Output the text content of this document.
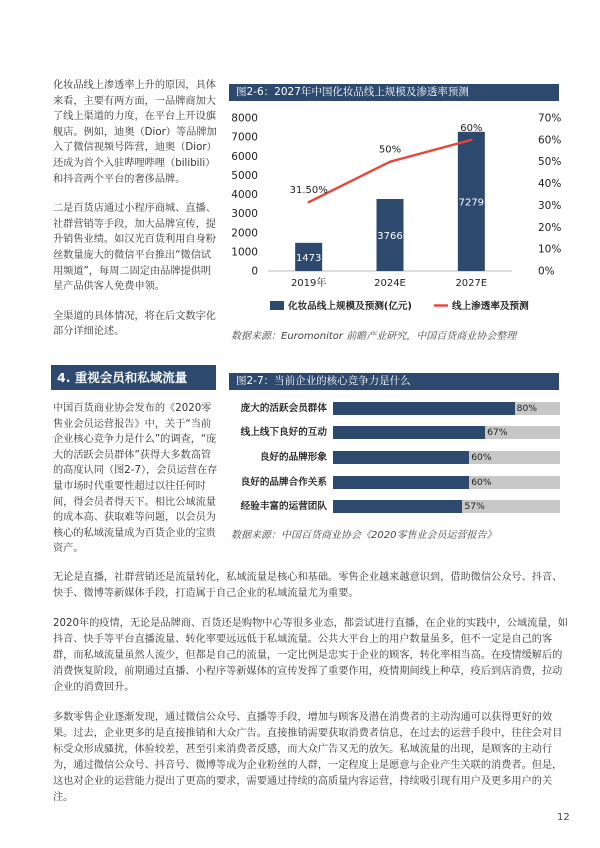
化妆品线上渗透率上升的原因，具体来看，主要有两方面，一品牌商加大了线上渠道的力度，在平台上开设旗舰店。例如，迪奥（Dior）等品牌加入了微信视频号阵营，迪奥（Dior）还成为首个入驻哔哩哔哩（bilibili）和抖音两个平台的奢侈品牌。

二是百货店通过小程序商城、直播、社群营销等手段，加大品牌宣传，提升销售业绩。如汉光百货利用自身粉丝数量庞大的微信平台推出“微信试用频道”，每周二固定由品牌提供明星产品供客人免费申领。

全渠道的具体情况，将在后文数字化部分详细论述。

图2-6：2027年中国化妆品线上规模及渗透率预测
8000
7000
6000
5000
4000
3000
2000
1000
0
70%
60%
50%
40%
30%
20%
10%
0%
1473
2019年
3766
2024E
7279
2027E
31.50%
50%
60%
化妆品线上规模及预测(亿元)	线上渗透率及预测
数据来源：Euromonitor 前瞻产业研究，中国百货商业协会整理
4. 重视会员和私域流量
中国百货商业协会发布的《2020零售业会员运营报告》中，关于“当前企业核心竞争力是什么”的调查，“庞大的活跃会员群体”获得大多数高管的高度认同（图2-7），会员运营在存量市场时代重要性超过以往任何时间，得会员者得天下。相比公域流量的成本高、获取难等问题，以会员为核心的私域流量成为百货企业的宝贵资产。
图2-7：当前企业的核心竞争力是什么
庞大的活跃会员群体	80%
线上线下良好的互动	67%
良好的品牌形象	60%
良好的品牌合作关系	60%
经验丰富的运营团队	57%
数据来源：中国百货商业协会《2020零售业会员运营报告》

无论是直播，社群营销还是流量转化，私域流量是核心和基础。零售企业越来越意识到，借助微信公众号、抖音、快手、微博等新媒体手段，打造属于自己企业的私域流量尤为重要。

2020年的疫情，无论是品牌商、百货还是购物中心等很多业态，都尝试进行直播，在企业的实践中，公域流量，如抖音、快手等平台直播流量、转化率要远远低于私域流量。公共大平台上的用户数量虽多，但不一定是自己的客群，而私域流量虽然人流少，但都是自己的流量，一定比例是忠实于企业的顾客，转化率相当高。在疫情缓解后的消费恢复阶段，前期通过直播、小程序等新媒体的宣传发挥了重要作用，疫情期间线上种草，疫后到店消费，拉动企业的消费回升。

多数零售企业逐渐发现，通过微信公众号、直播等手段，增加与顾客及潜在消费者的主动沟通可以获得更好的效果。过去，企业更多的是直接推销和大众广告。直接推销需要获取消费者信息，在过去的运营手段中，往往会对目标受众形成骚扰，体验较差，甚至引来消费者反感，而大众广告又无的放矢。私域流量的出现，是顾客的主动行为，通过微信公众号、抖音号、微博等成为企业粉丝的人群，一定程度上是愿意与企业产生关联的消费者。但是，这也对企业的运营能力提出了更高的要求，需要通过持续的高质量内容运营，持续吸引现有用户及更多用户的关注。

12
